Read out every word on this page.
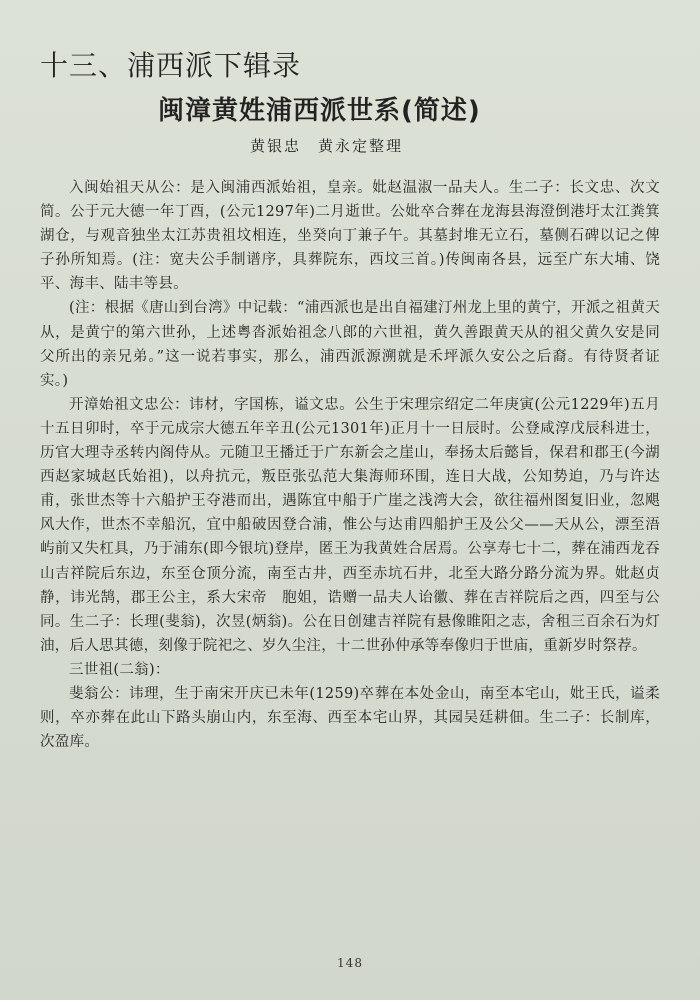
十三、浦西派下辑录
闽漳黄姓浦西派世系(简述)
黄银忠　黄永定整理

入闽始祖天从公：是入闽浦西派始祖，皇亲。妣赵温淑一品夫人。生二子：长文忠、次文简。公于元大德一年丁酉，(公元1297年)二月逝世。公妣卒合葬在龙海县海澄倒港圩太江粪箕湖仓，与观音独坐太江苏贵祖坟相连，坐癸向丁兼子午。其墓封堆无立石，墓侧石碑以记之俾子孙所知焉。(注：宽夫公手制谱序，具葬院东，西坟三首。)传闽南各县，远至广东大埔、饶平、海丰、陆丰等县。

(注：根据《唐山到台湾》中记载：“浦西派也是出自福建汀州龙上里的黄宁，开派之祖黄天从，是黄宁的第六世孙，上述粤沓派始祖念八郎的六世祖，黄久善跟黄天从的祖父黄久安是同父所出的亲兄弟。”这一说若事实，那么，浦西派源溯就是禾坪派久安公之后裔。有待贤者证实。)

开漳始祖文忠公：讳材，字国栋，谥文忠。公生于宋理宗绍定二年庚寅(公元1229年)五月十五日卯时，卒于元成宗大德五年辛丑(公元1301年)正月十一日辰时。公登咸淳戊辰科进士，历官大理寺丞转内阁侍从。元随卫王播迁于广东新会之崖山，奉扬太后懿旨，保君和郡王(今湖西赵家城赵氏始祖)，以舟抗元，叛臣张弘范大集海师环围，连日大战，公知势迫，乃与许达甫，张世杰等十六船护王夺港而出，遇陈宜中船于广崖之浅湾大会，欲往福州图复旧业，忽飓风大作，世杰不幸船沉，宜中船破因登合浦，惟公与达甫四船护王及公父——天从公，漂至浯屿前又失杠具，乃于浦东(即今银坑)登岸，匿王为我黄姓合居焉。公享寿七十二，葬在浦西龙吞山吉祥院后东边，东至仓顶分流，南至古井，西至赤坑石井，北至大路分路分流为界。妣赵贞静，讳光鹄，郡王公主，系大宋帝　胞姐，诰赠一品夫人诒徽、葬在吉祥院后之西，四至与公同。生二子：长理(斐翁)，次昱(炳翁)。公在日创建吉祥院有悬像睢阳之志，舍租三百余石为灯油，后人思其德，刻像于院祀之、岁久尘注，十二世孙仲承等奉像归于世庙，重新岁时祭荐。

三世祖(二翁)：

斐翁公：讳理，生于南宋开庆已未年(1259)卒葬在本处金山，南至本宅山，妣王氏，谥柔则，卒亦葬在此山下路头崩山内，东至海、西至本宅山界，其园吴廷耕佃。生二子：长制库，次盈库。

148
